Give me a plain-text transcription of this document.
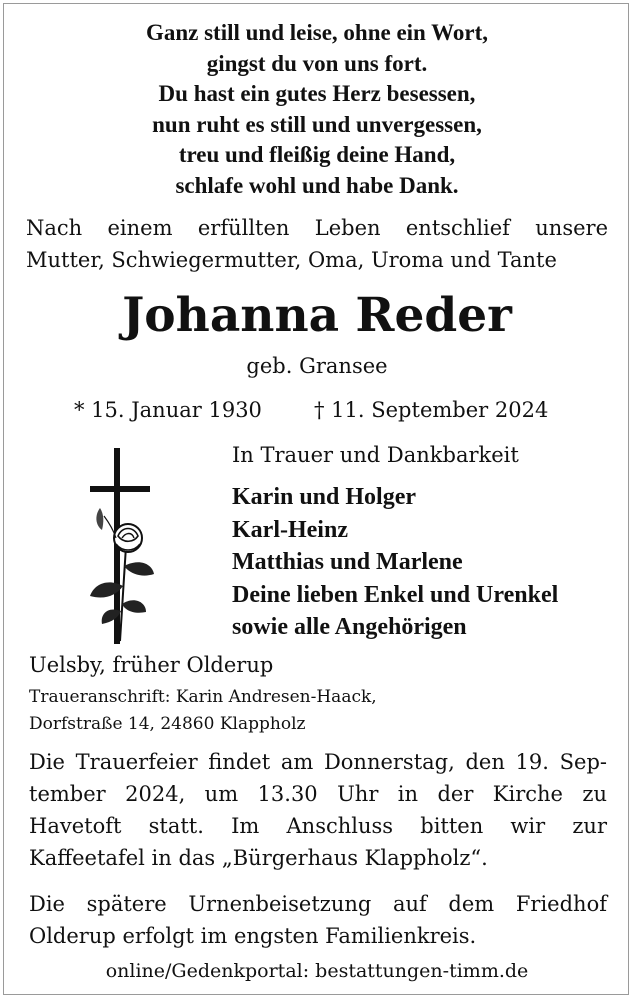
Ganz still und leise, ohne ein Wort,
gingst du von uns fort.
Du hast ein gutes Herz besessen,
nun ruht es still und unvergessen,
treu und fleißig deine Hand,
schlafe wohl und habe Dank.
Nach einem erfüllten Leben entschlief unsere
Mutter, Schwiegermutter, Oma, Uroma und Tante
Johanna Reder
geb. Gransee
* 15. Januar 1930 † 11. September 2024
In Trauer und Dankbarkeit
Karin und Holger
Karl-Heinz
Matthias und Marlene
Deine lieben Enkel und Urenkel
sowie alle Angehörigen
Uelsby, früher Olderup
Traueranschrift: Karin Andresen-Haack,
Dorfstraße 14, 24860 Klappholz
Die Trauerfeier findet am Donnerstag, den 19. Sep-
tember 2024, um 13.30 Uhr in der Kirche zu
Havetoft statt. Im Anschluss bitten wir zur
Kaffeetafel in das „Bürgerhaus Klappholz“.
Die spätere Urnenbeisetzung auf dem Friedhof
Olderup erfolgt im engsten Familienkreis.
online/Gedenkportal: bestattungen-timm.de
